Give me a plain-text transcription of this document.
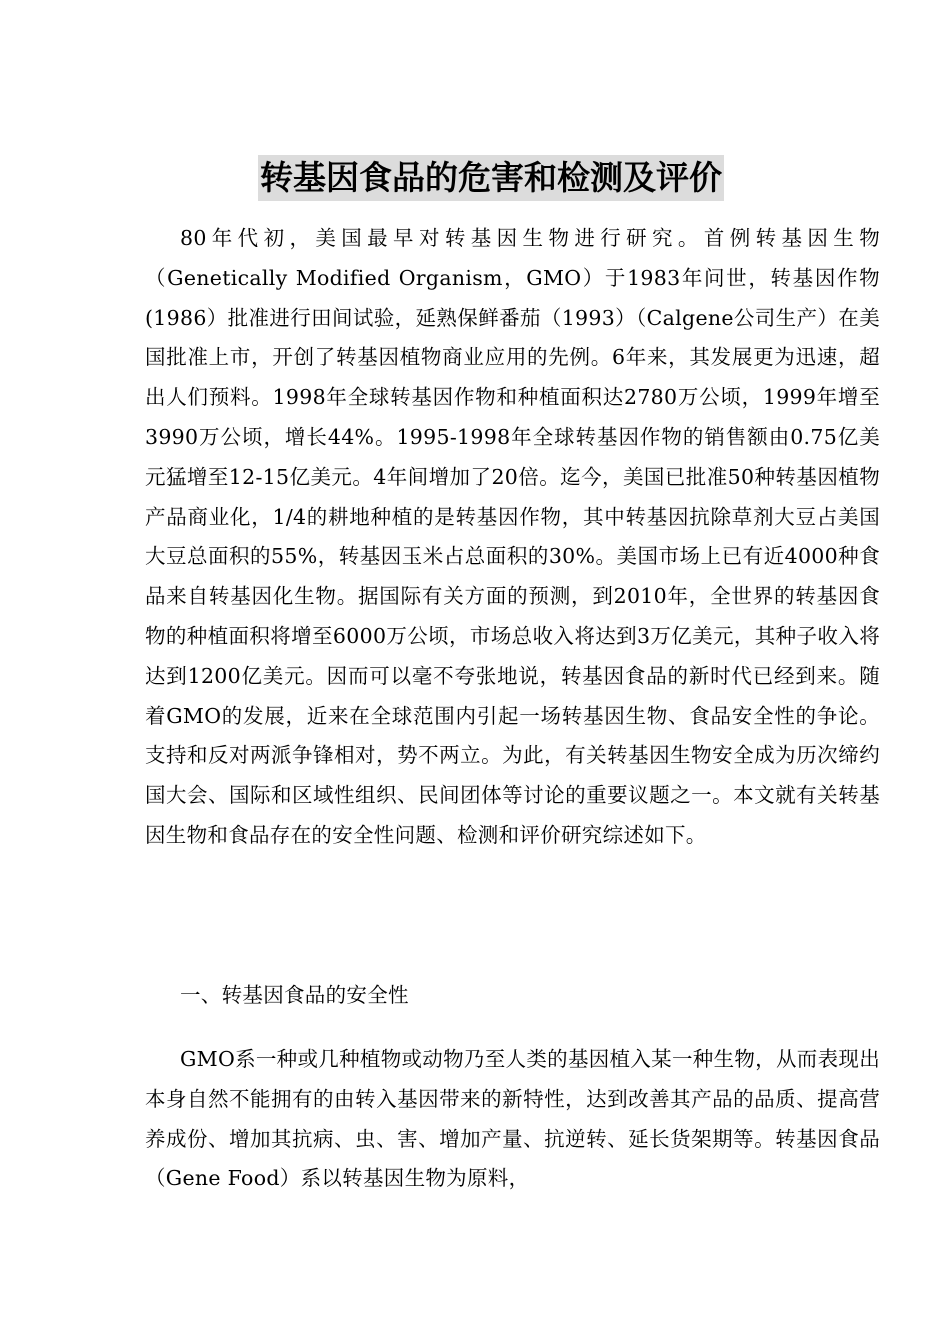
转基因食品的危害和检测及评价

80年代初，美国最早对转基因生物进行研究。首例转基因生物（Genetically Modified Organism，GMO）于1983年问世，转基因作物(1986）批准进行田间试验，延熟保鲜番茄（1993）（Calgene公司生产）在美国批准上市，开创了转基因植物商业应用的先例。6年来，其发展更为迅速，超出人们预料。1998年全球转基因作物和种植面积达2780万公顷，1999年增至3990万公顷，增长44%。1995-1998年全球转基因作物的销售额由0.75亿美元猛增至12-15亿美元。4年间增加了20倍。迄今，美国已批准50种转基因植物产品商业化，1/4的耕地种植的是转基因作物，其中转基因抗除草剂大豆占美国大豆总面积的55%，转基因玉米占总面积的30%。美国市场上已有近4000种食品来自转基因化生物。据国际有关方面的预测，到2010年，全世界的转基因食物的种植面积将增至6000万公顷，市场总收入将达到3万亿美元，其种子收入将达到1200亿美元。因而可以毫不夸张地说，转基因食品的新时代已经到来。随着GMO的发展，近来在全球范围内引起一场转基因生物、食品安全性的争论。支持和反对两派争锋相对，势不两立。为此，有关转基因生物安全成为历次缔约国大会、国际和区域性组织、民间团体等讨论的重要议题之一。本文就有关转基因生物和食品存在的安全性问题、检测和评价研究综述如下。

一、转基因食品的安全性

GMO系一种或几种植物或动物乃至人类的基因植入某一种生物，从而表现出本身自然不能拥有的由转入基因带来的新特性，达到改善其产品的品质、提高营养成份、增加其抗病、虫、害、增加产量、抗逆转、延长货架期等。转基因食品（Gene Food）系以转基因生物为原料，
